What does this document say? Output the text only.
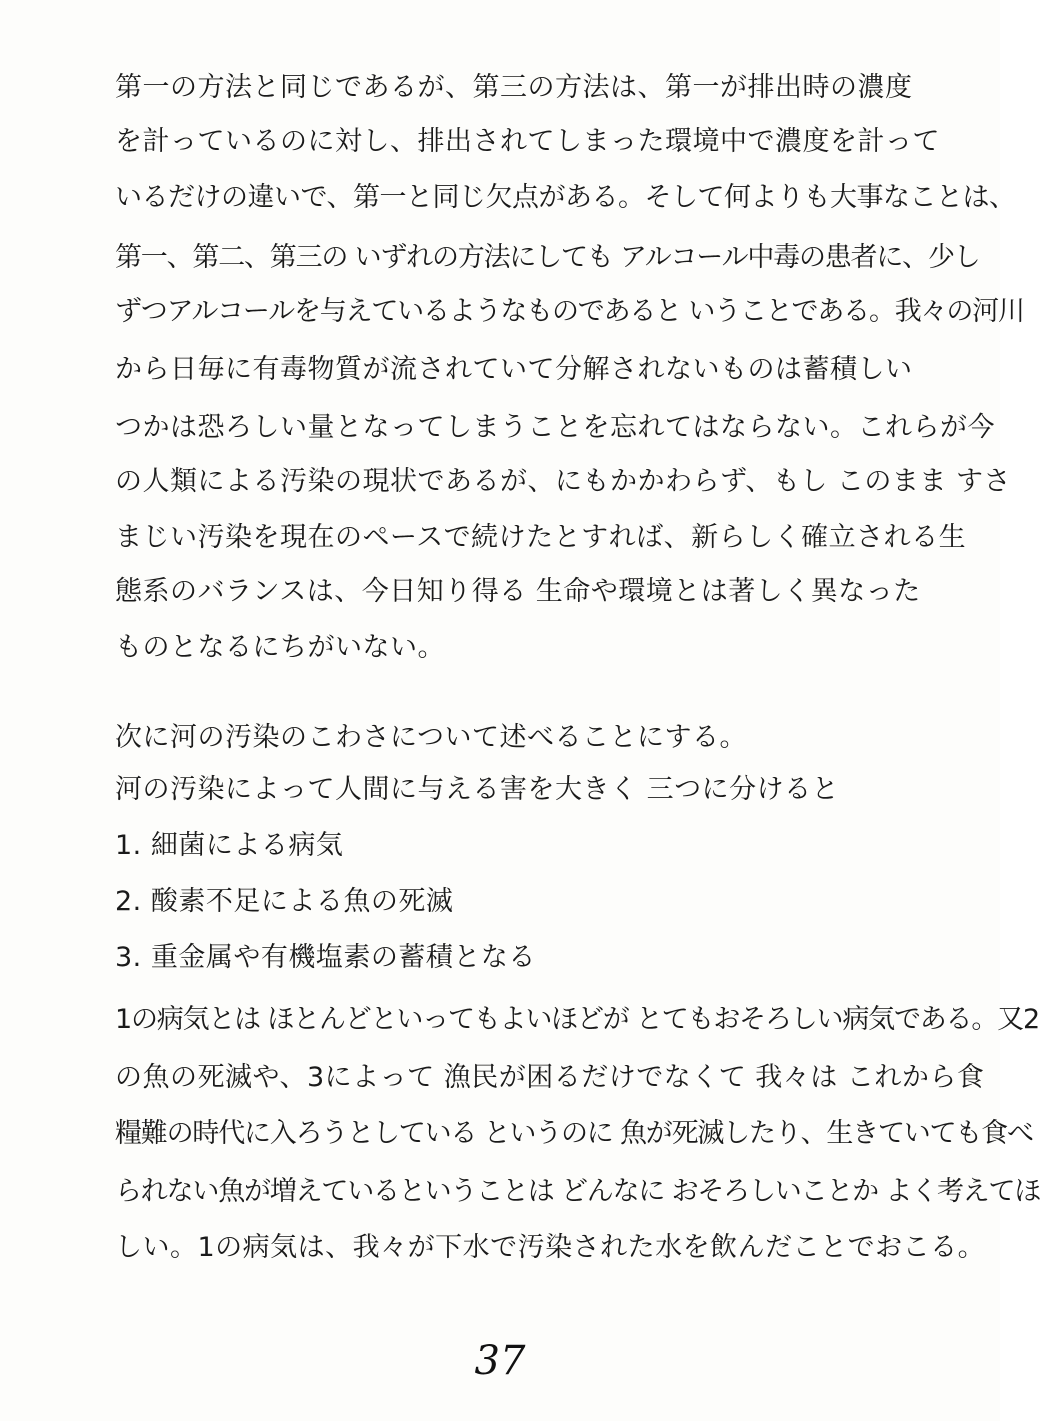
第一の方法と同じであるが、第三の方法は、第一が排出時の濃度
を計っているのに対し、排出されてしまった環境中で濃度を計って
いるだけの違いで、第一と同じ欠点がある。そして何よりも大事なことは、
第一、第二、第三の いずれの方法にしても アルコール中毒の患者に、少し
ずつアルコールを与えているようなものであると いうことである。我々の河川
から日毎に有毒物質が流されていて分解されないものは蓄積しい
つかは恐ろしい量となってしまうことを忘れてはならない。これらが今
の人類による汚染の現状であるが、にもかかわらず、もし このまま すさ
まじい汚染を現在のペースで続けたとすれば、新らしく確立される生
態系のバランスは、今日知り得る 生命や環境とは著しく異なった
ものとなるにちがいない。
次に河の汚染のこわさについて述べることにする。
河の汚染によって人間に与える害を大きく 三つに分けると
1. 細菌による病気
2. 酸素不足による魚の死滅
3. 重金属や有機塩素の蓄積となる
1の病気とは ほとんどといってもよいほどが とてもおそろしい病気である。又2
の魚の死滅や、3によって 漁民が困るだけでなくて 我々は これから食
糧難の時代に入ろうとしている というのに 魚が死滅したり、生きていても食べ
られない魚が増えているということは どんなに おそろしいことか よく考えてほ
しい。1の病気は、我々が下水で汚染された水を飲んだことでおこる。
37
